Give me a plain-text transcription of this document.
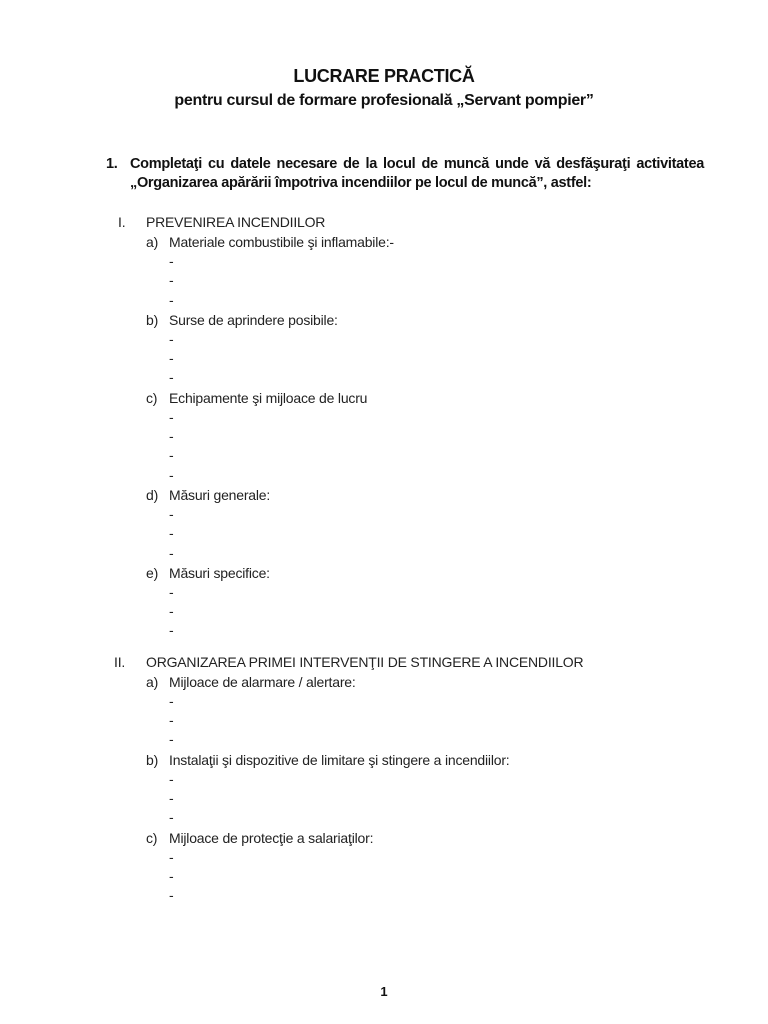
LUCRARE PRACTICĂ
pentru cursul de formare profesională „Servant pompier”
1. Completaţi cu datele necesare de la locul de muncă unde vă desfăşuraţi activitatea
„Organizarea apărării împotriva incendiilor pe locul de muncă”, astfel:
I. PREVENIREA INCENDIILOR
a) Materiale combustibile şi inflamabile:-
-
-
-
b) Surse de aprindere posibile:
-
-
-
c) Echipamente şi mijloace de lucru
-
-
-
-
d) Măsuri generale:
-
-
-
e) Măsuri specifice:
-
-
-
II. ORGANIZAREA PRIMEI INTERVENŢII DE STINGERE A INCENDIILOR
a) Mijloace de alarmare / alertare:
-
-
-
b) Instalaţii şi dispozitive de limitare şi stingere a incendiilor:
-
-
-
c) Mijloace de protecţie a salariaţilor:
-
-
-
1
